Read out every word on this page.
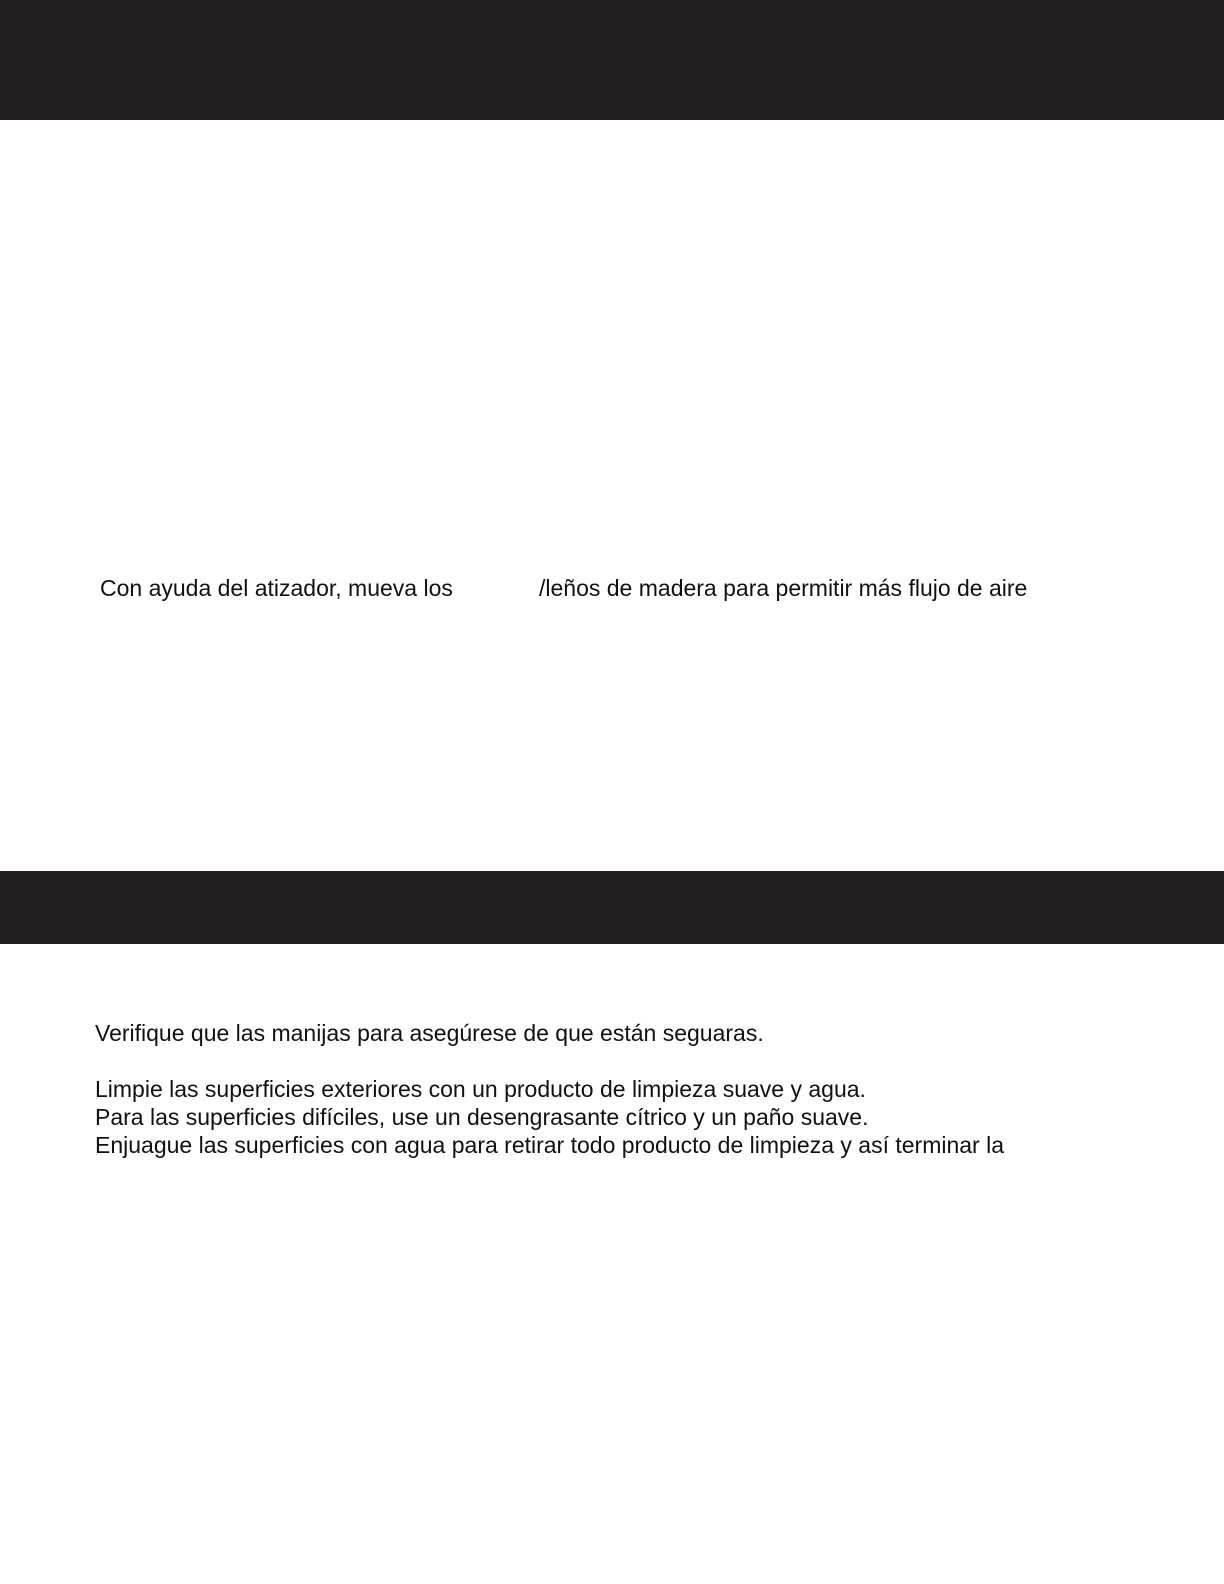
Con ayuda del atizador, mueva los	/leños de madera para permitir más flujo de aire

Verifique que las manijas para asegúrese de que están seguaras.

Limpie las superficies exteriores con un producto de limpieza suave y agua.

Para las superficies difíciles, use un desengrasante cítrico y un paño suave.

Enjuague las superficies con agua para retirar todo producto de limpieza y así terminar la
